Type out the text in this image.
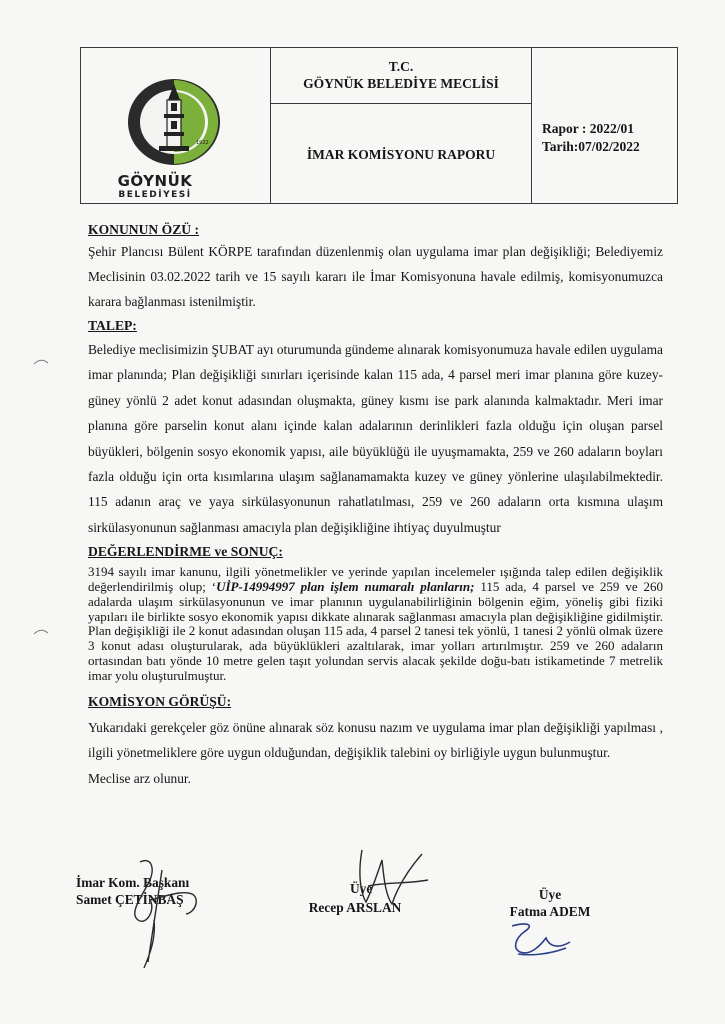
1922
GÖYNÜK
BELEDİYESİ
T.C.
GÖYNÜK BELEDİYE MECLİSİ
İMAR KOMİSYONU RAPORU
Rapor : 2022/01
Tarih:07/02/2022
KONUNUN ÖZÜ :

Şehir Plancısı Bülent KÖRPE tarafından düzenlenmiş olan uygulama imar plan değişikliği; Belediyemiz Meclisinin 03.02.2022 tarih ve 15 sayılı kararı ile İmar Komisyonuna havale edilmiş, komisyonumuzca karara bağlanması istenilmiştir.

TALEP:

Belediye meclisimizin ŞUBAT ayı oturumunda gündeme alınarak komisyonumuza havale edilen uygulama imar planında; Plan değişikliği sınırları içerisinde kalan 115 ada, 4 parsel meri imar planına göre kuzey-güney yönlü 2 adet konut adasından oluşmakta, güney kısmı ise park alanında kalmaktadır. Meri imar planına göre parselin konut alanı içinde kalan adalarının derinlikleri fazla olduğu için oluşan parsel büyükleri, bölgenin sosyo ekonomik yapısı, aile büyüklüğü ile uyuşmamakta, 259 ve 260 adaların boyları fazla olduğu için orta kısımlarına ulaşım sağlanamamakta kuzey ve güney yönlerine ulaşılabilmektedir. 115 adanın araç ve yaya sirkülasyonunun rahatlatılması, 259 ve 260 adaların orta kısmına ulaşım sirkülasyonunun sağlanması amacıyla plan değişikliğine ihtiyaç duyulmuştur

DEĞERLENDİRME ve SONUÇ:

3194 sayılı imar kanunu, ilgili yönetmelikler ve yerinde yapılan incelemeler ışığında talep edilen değişiklik değerlendirilmiş olup; ‘UİP-14994997 plan işlem numaralı planların; 115 ada, 4 parsel ve 259 ve 260 adalarda ulaşım sirkülasyonunun ve imar planının uygulanabilirliğinin bölgenin eğim, yöneliş gibi fiziki yapıları ile birlikte sosyo ekonomik yapısı dikkate alınarak sağlanması amacıyla plan değişikliğine gidilmiştir. Plan değişikliği ile 2 konut adasından oluşan 115 ada, 4 parsel 2 tanesi tek yönlü, 1 tanesi 2 yönlü olmak üzere 3 konut adası oluşturularak, ada büyüklükleri azaltılarak, imar yolları artırılmıştır. 259 ve 260 adaların ortasından batı yönde 10 metre gelen taşıt yolundan servis alacak şekilde doğu-batı istikametinde 7 metrelik imar yolu oluşturulmuştur.

KOMİSYON GÖRÜŞÜ:

Yukarıdaki gerekçeler göz önüne alınarak söz konusu nazım ve uygulama imar plan değişikliği yapılması , ilgili yönetmeliklere göre uygun olduğundan, değişiklik talebini oy birliğiyle uygun bulunmuştur.

Meclise arz olunur.

İmar Kom. Başkanı
Samet ÇETİNBAŞ
Üye
Recep ARSLAN
Üye
Fatma ADEM
